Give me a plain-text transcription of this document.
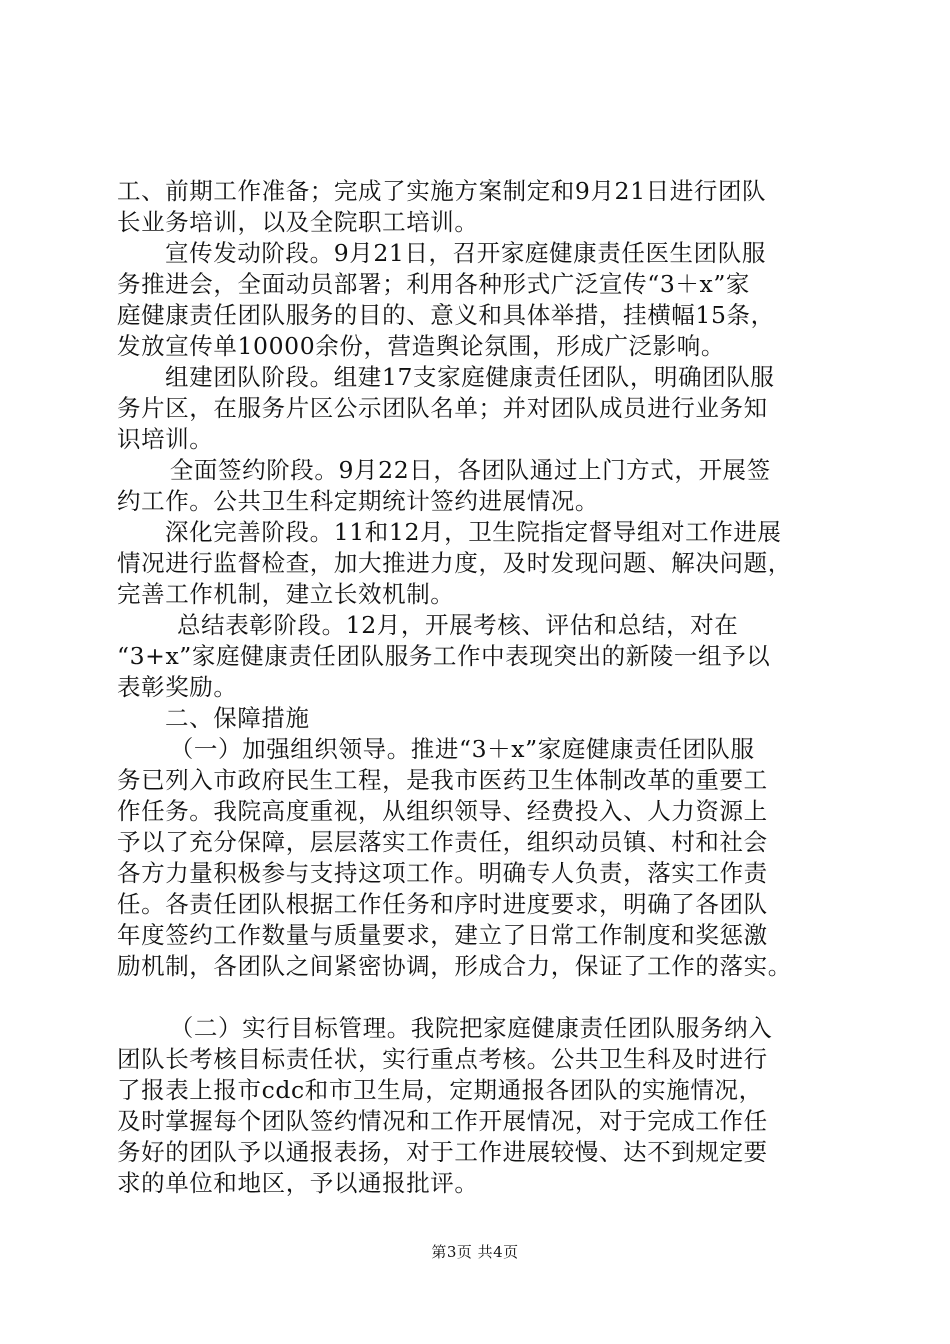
工、前期工作准备；完成了实施方案制定和9月21日进行团队
长业务培训，以及全院职工培训。
宣传发动阶段。9月21日，召开家庭健康责任医生团队服
务推进会，全面动员部署；利用各种形式广泛宣传“3＋x”家
庭健康责任团队服务的目的、意义和具体举措，挂横幅15条，
发放宣传单10000余份，营造舆论氛围，形成广泛影响。
组建团队阶段。组建17支家庭健康责任团队，明确团队服
务片区，在服务片区公示团队名单；并对团队成员进行业务知
识培训。
全面签约阶段。9月22日，各团队通过上门方式，开展签
约工作。公共卫生科定期统计签约进展情况。
深化完善阶段。11和12月，卫生院指定督导组对工作进展
情况进行监督检查，加大推进力度，及时发现问题、解决问题，
完善工作机制，建立长效机制。
总结表彰阶段。12月，开展考核、评估和总结，对在
“3+x”家庭健康责任团队服务工作中表现突出的新陵一组予以
表彰奖励。
二、保障措施
（一）加强组织领导。推进“3＋x”家庭健康责任团队服
务已列入市政府民生工程，是我市医药卫生体制改革的重要工
作任务。我院高度重视，从组织领导、经费投入、人力资源上
予以了充分保障，层层落实工作责任，组织动员镇、村和社会
各方力量积极参与支持这项工作。明确专人负责，落实工作责
任。各责任团队根据工作任务和序时进度要求，明确了各团队
年度签约工作数量与质量要求，建立了日常工作制度和奖惩激
励机制，各团队之间紧密协调，形成合力，保证了工作的落实。
（二）实行目标管理。我院把家庭健康责任团队服务纳入
团队长考核目标责任状，实行重点考核。公共卫生科及时进行
了报表上报市cdc和市卫生局，定期通报各团队的实施情况，
及时掌握每个团队签约情况和工作开展情况，对于完成工作任
务好的团队予以通报表扬，对于工作进展较慢、达不到规定要
求的单位和地区，予以通报批评。
第3页 共4页
